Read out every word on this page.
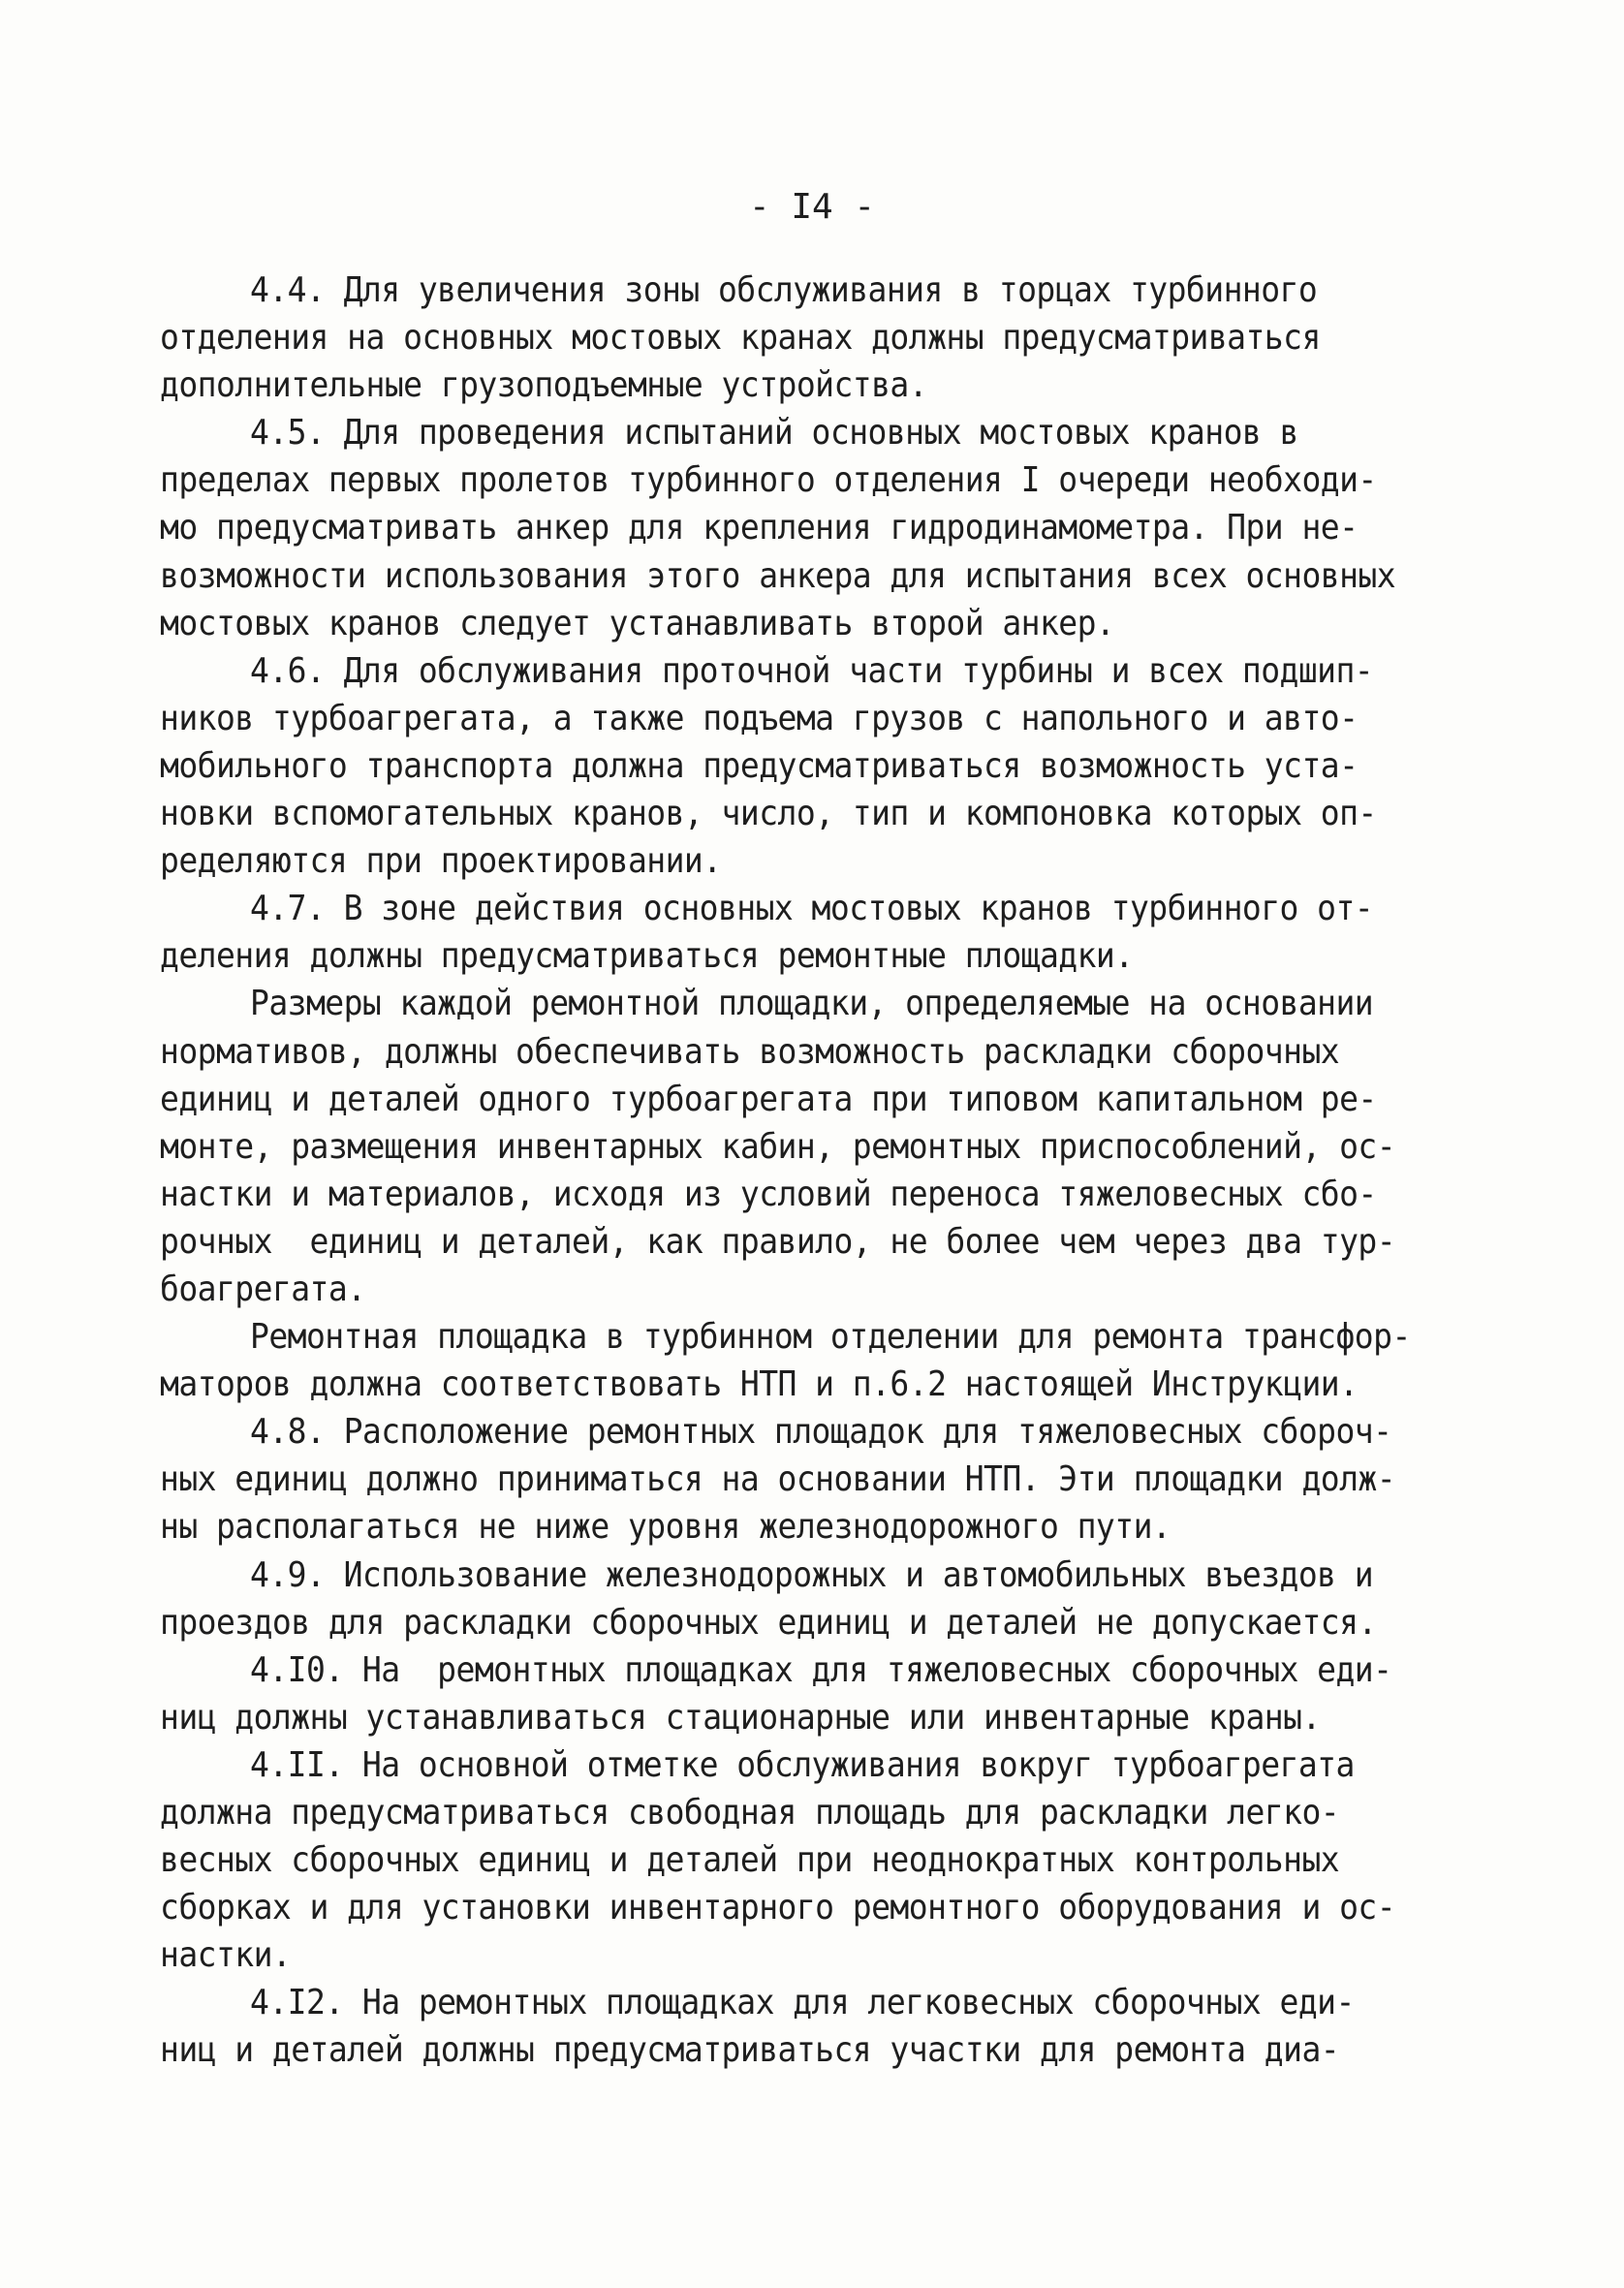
- I4 -
4.4. Для увеличения зоны обслуживания в торцах турбинного
отделения на основных мостовых кранах должны предусматриваться
дополнительные грузоподъемные устройства.
4.5. Для проведения испытаний основных мостовых кранов в
пределах первых пролетов турбинного отделения I очереди необходи-
мо предусматривать анкер для крепления гидродинамометра. При не-
возможности использования этого анкера для испытания всех основных
мостовых кранов следует устанавливать второй анкер.
4.6. Для обслуживания проточной части турбины и всех подшип-
ников турбоагрегата, а также подъема грузов с напольного и авто-
мобильного транспорта должна предусматриваться возможность уста-
новки вспомогательных кранов, число, тип и компоновка которых оп-
ределяются при проектировании.
4.7. В зоне действия основных мостовых кранов турбинного от-
деления должны предусматриваться ремонтные площадки.
Размеры каждой ремонтной площадки, определяемые на основании
нормативов, должны обеспечивать возможность раскладки сборочных
единиц и деталей одного турбоагрегата при типовом капитальном ре-
монте, размещения инвентарных кабин, ремонтных приспособлений, ос-
настки и материалов, исходя из условий переноса тяжеловесных сбо-
рочных  единиц и деталей, как правило, не более чем через два тур-
боагрегата.
Ремонтная площадка в турбинном отделении для ремонта трансфор-
маторов должна соответствовать НТП и п.6.2 настоящей Инструкции.
4.8. Расположение ремонтных площадок для тяжеловесных сбороч-
ных единиц должно приниматься на основании НТП. Эти площадки долж-
ны располагаться не ниже уровня железнодорожного пути.
4.9. Использование железнодорожных и автомобильных въездов и
проездов для раскладки сборочных единиц и деталей не допускается.
4.I0. На  ремонтных площадках для тяжеловесных сборочных еди-
ниц должны устанавливаться стационарные или инвентарные краны.
4.II. На основной отметке обслуживания вокруг турбоагрегата
должна предусматриваться свободная площадь для раскладки легко-
весных сборочных единиц и деталей при неоднократных контрольных
сборках и для установки инвентарного ремонтного оборудования и ос-
настки.
4.I2. На ремонтных площадках для легковесных сборочных еди-
ниц и деталей должны предусматриваться участки для ремонта диа-
